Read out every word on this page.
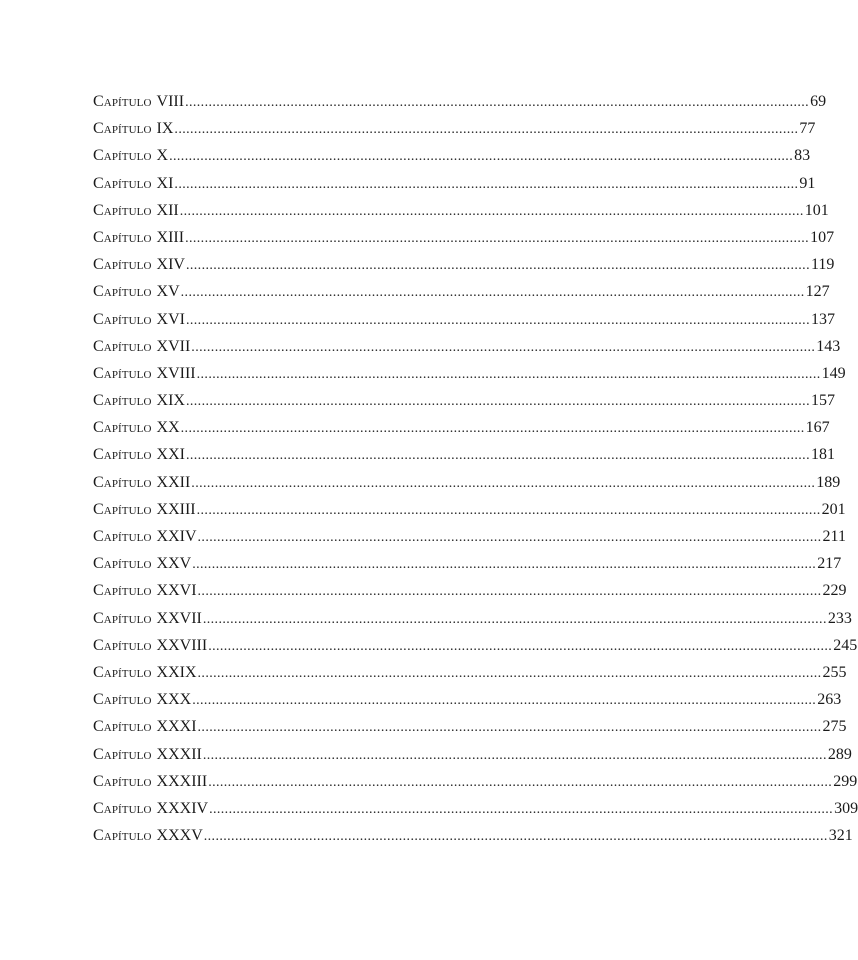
Capítulo VIII ................................................................................................................................................................ 69
Capítulo IX ................................................................................................................................................................ 77
Capítulo X ................................................................................................................................................................ 83
Capítulo XI ................................................................................................................................................................ 91
Capítulo XII ................................................................................................................................................................ 101
Capítulo XIII ................................................................................................................................................................ 107
Capítulo XIV ................................................................................................................................................................ 119
Capítulo XV ................................................................................................................................................................ 127
Capítulo XVI ................................................................................................................................................................ 137
Capítulo XVII ................................................................................................................................................................ 143
Capítulo XVIII ................................................................................................................................................................ 149
Capítulo XIX ................................................................................................................................................................ 157
Capítulo XX ................................................................................................................................................................ 167
Capítulo XXI ................................................................................................................................................................ 181
Capítulo XXII ................................................................................................................................................................ 189
Capítulo XXIII ................................................................................................................................................................ 201
Capítulo XXIV ................................................................................................................................................................ 211
Capítulo XXV ................................................................................................................................................................ 217
Capítulo XXVI ................................................................................................................................................................ 229
Capítulo XXVII ................................................................................................................................................................ 233
Capítulo XXVIII ................................................................................................................................................................ 245
Capítulo XXIX ................................................................................................................................................................ 255
Capítulo XXX ................................................................................................................................................................ 263
Capítulo XXXI ................................................................................................................................................................ 275
Capítulo XXXII ................................................................................................................................................................ 289
Capítulo XXXIII ................................................................................................................................................................ 299
Capítulo XXXIV ................................................................................................................................................................ 309
Capítulo XXXV ................................................................................................................................................................ 321
